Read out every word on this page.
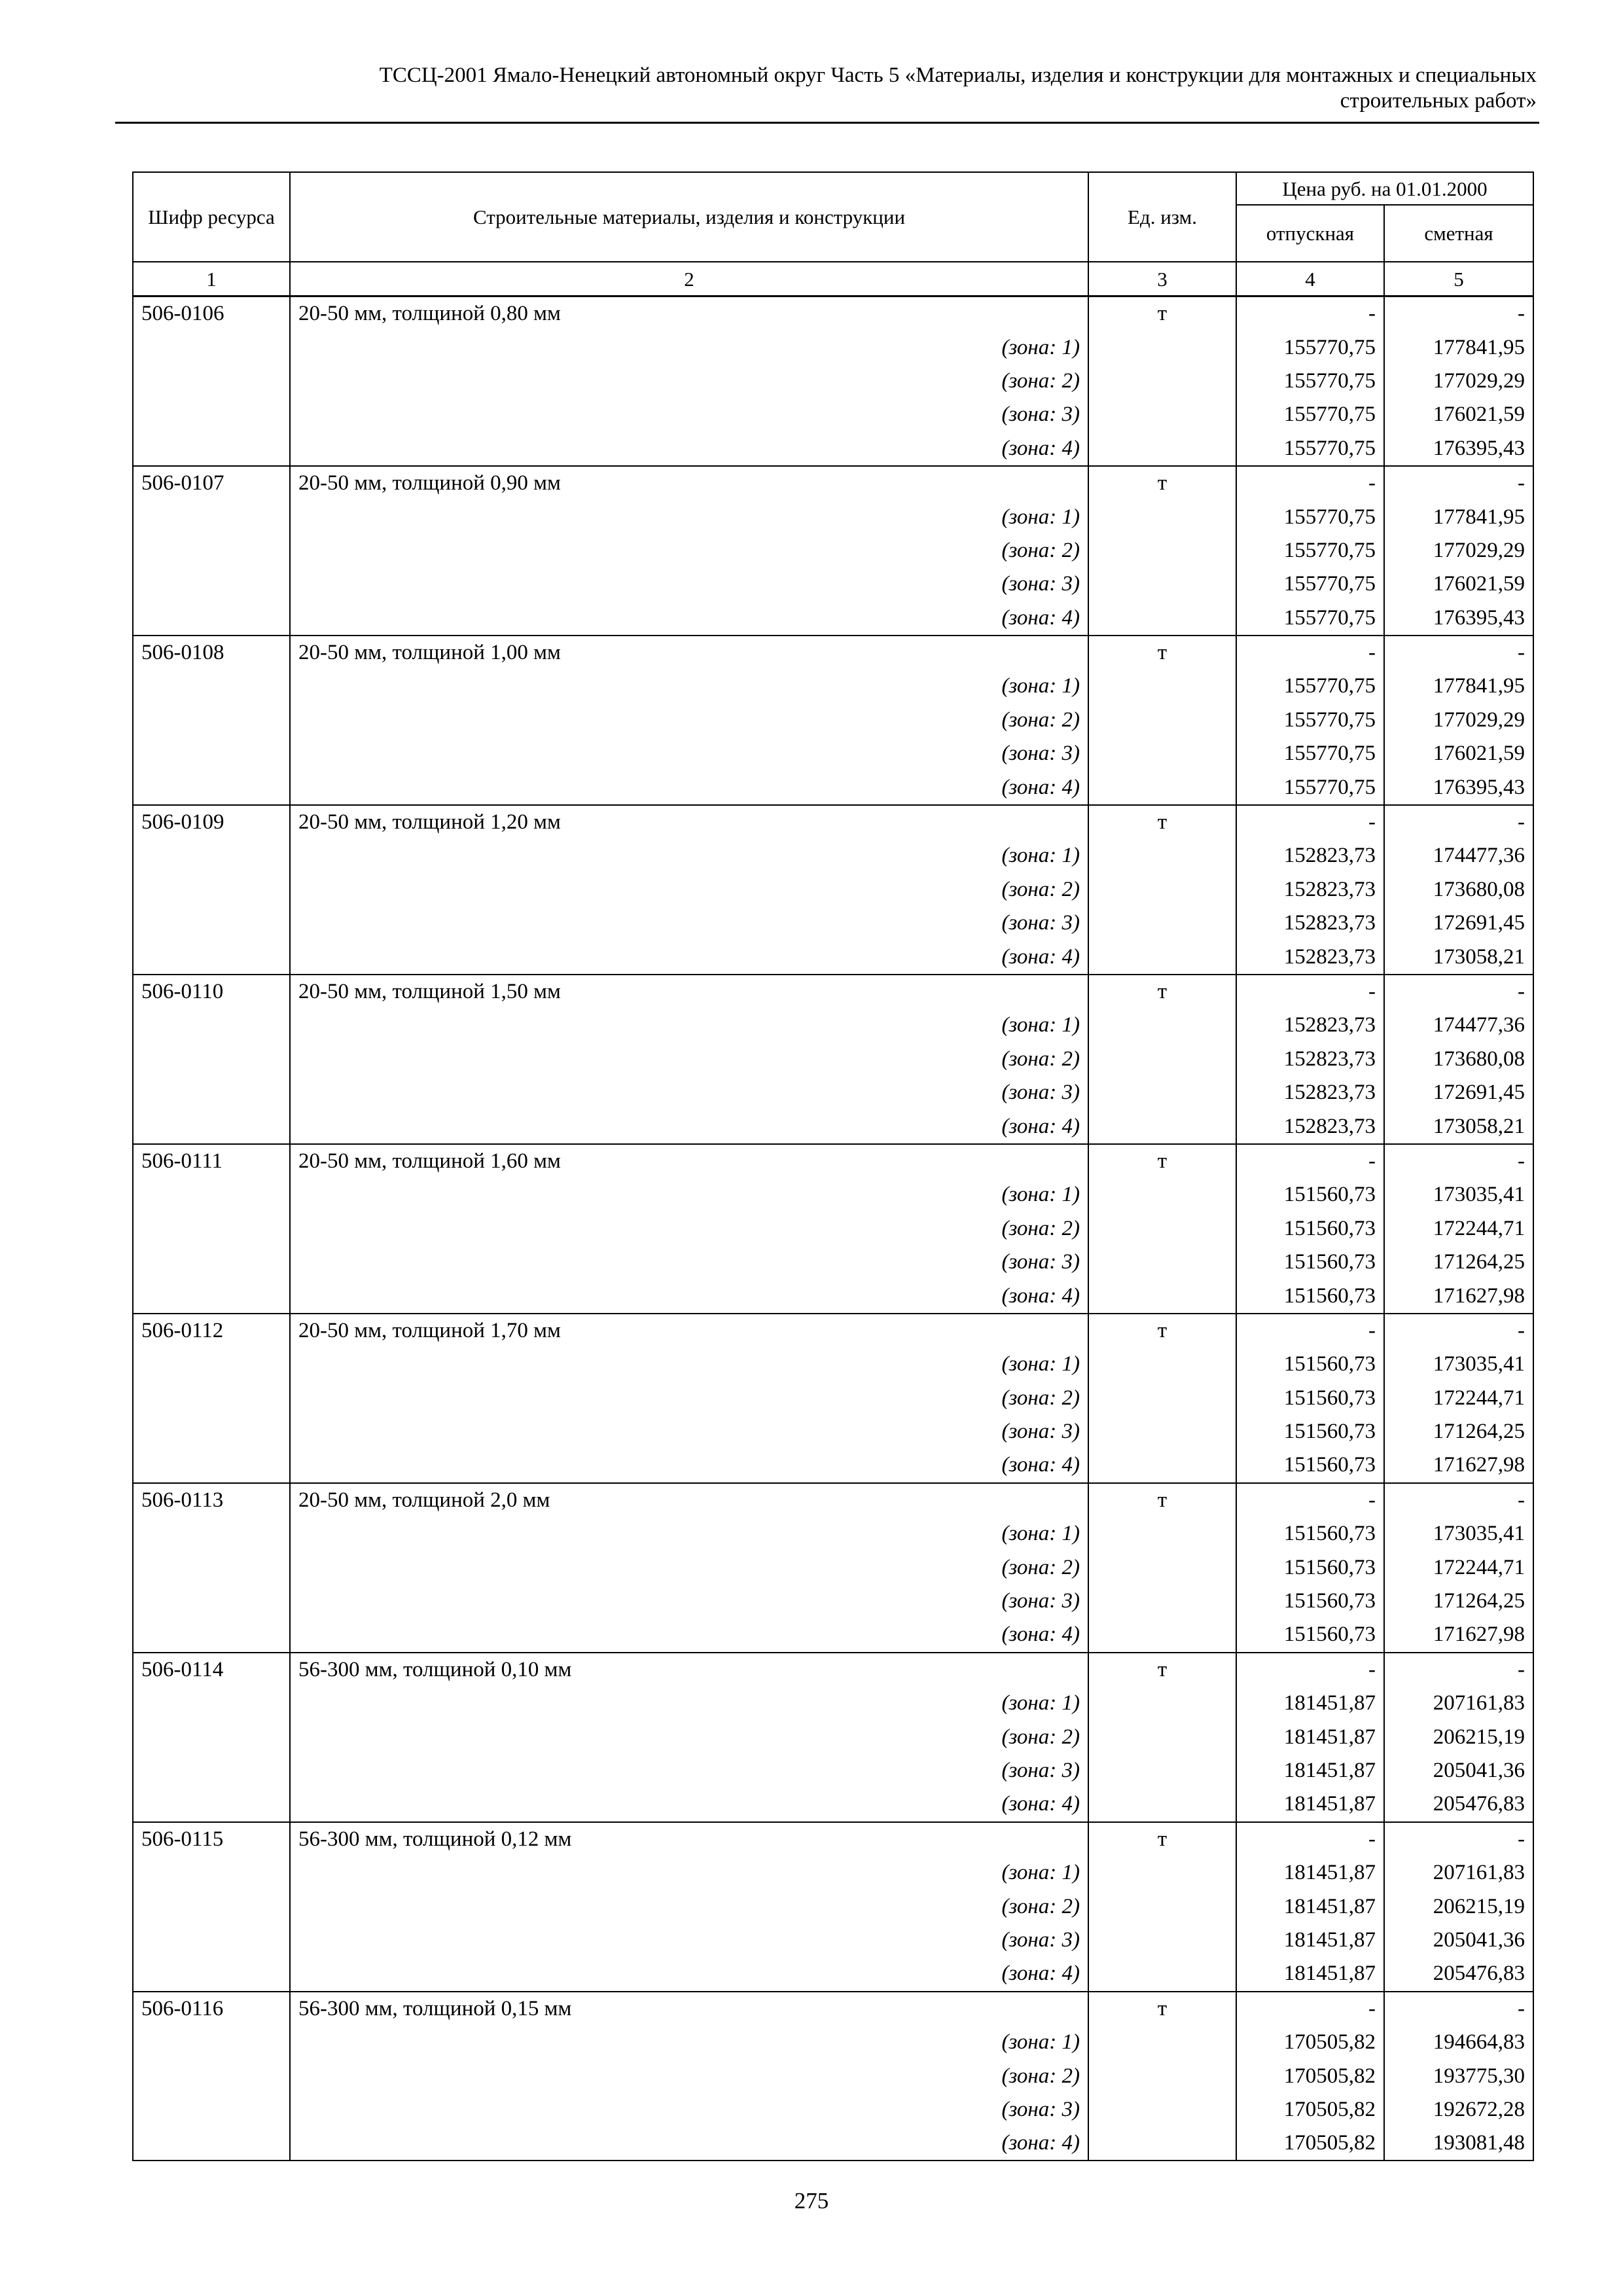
ТССЦ-2001 Ямало-Ненецкий автономный округ Часть 5 «Материалы, изделия и конструкции для монтажных и специальных
строительных работ»
Шифр ресурса	Строительные материалы, изделия и конструкции	Ед. изм.	Цена руб. на 01.01.2000	
			отпускная	сметная
1	2	3	4	5
506-0106	20-50 мм, толщиной 0,80 мм	т	-	-
	(зона: 1)		155770,75	177841,95
	(зона: 2)		155770,75	177029,29
	(зона: 3)		155770,75	176021,59
	(зона: 4)		155770,75	176395,43
506-0107	20-50 мм, толщиной 0,90 мм	т	-	-
	(зона: 1)		155770,75	177841,95
	(зона: 2)		155770,75	177029,29
	(зона: 3)		155770,75	176021,59
	(зона: 4)		155770,75	176395,43
506-0108	20-50 мм, толщиной 1,00 мм	т	-	-
	(зона: 1)		155770,75	177841,95
	(зона: 2)		155770,75	177029,29
	(зона: 3)		155770,75	176021,59
	(зона: 4)		155770,75	176395,43
506-0109	20-50 мм, толщиной 1,20 мм	т	-	-
	(зона: 1)		152823,73	174477,36
	(зона: 2)		152823,73	173680,08
	(зона: 3)		152823,73	172691,45
	(зона: 4)		152823,73	173058,21
506-0110	20-50 мм, толщиной 1,50 мм	т	-	-
	(зона: 1)		152823,73	174477,36
	(зона: 2)		152823,73	173680,08
	(зона: 3)		152823,73	172691,45
	(зона: 4)		152823,73	173058,21
506-0111	20-50 мм, толщиной 1,60 мм	т	-	-
	(зона: 1)		151560,73	173035,41
	(зона: 2)		151560,73	172244,71
	(зона: 3)		151560,73	171264,25
	(зона: 4)		151560,73	171627,98
506-0112	20-50 мм, толщиной 1,70 мм	т	-	-
	(зона: 1)		151560,73	173035,41
	(зона: 2)		151560,73	172244,71
	(зона: 3)		151560,73	171264,25
	(зона: 4)		151560,73	171627,98
506-0113	20-50 мм, толщиной 2,0 мм	т	-	-
	(зона: 1)		151560,73	173035,41
	(зона: 2)		151560,73	172244,71
	(зона: 3)		151560,73	171264,25
	(зона: 4)		151560,73	171627,98
506-0114	56-300 мм, толщиной 0,10 мм	т	-	-
	(зона: 1)		181451,87	207161,83
	(зона: 2)		181451,87	206215,19
	(зона: 3)		181451,87	205041,36
	(зона: 4)		181451,87	205476,83
506-0115	56-300 мм, толщиной 0,12 мм	т	-	-
	(зона: 1)		181451,87	207161,83
	(зона: 2)		181451,87	206215,19
	(зона: 3)		181451,87	205041,36
	(зона: 4)		181451,87	205476,83
506-0116	56-300 мм, толщиной 0,15 мм	т	-	-
	(зона: 1)		170505,82	194664,83
	(зона: 2)		170505,82	193775,30
	(зона: 3)		170505,82	192672,28
	(зона: 4)		170505,82	193081,48
275
